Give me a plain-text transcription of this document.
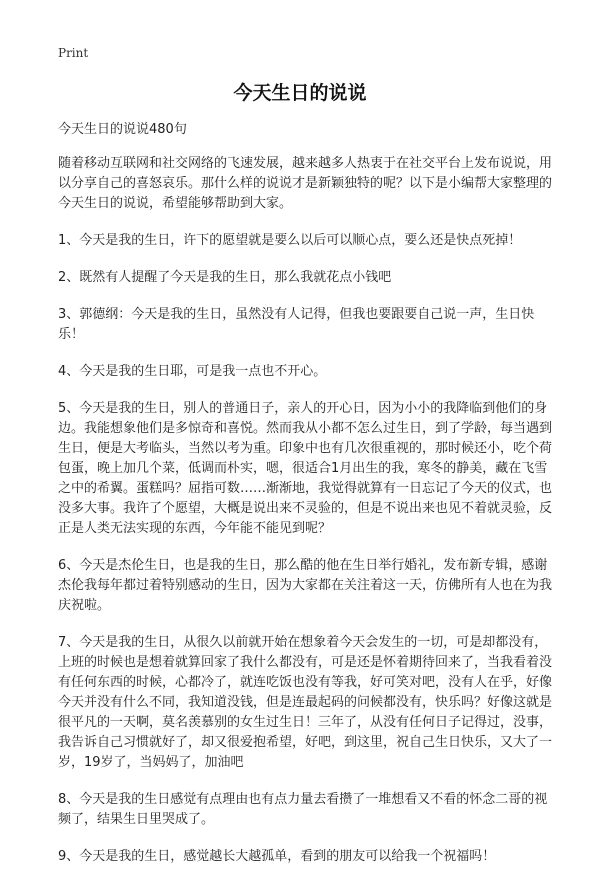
Print
今天生日的说说

今天生日的说说480句

随着移动互联网和社交网络的飞速发展，越来越多人热衷于在社交平台上发布说说，用以分享自己的喜怒哀乐。那什么样的说说才是新颖独特的呢？以下是小编帮大家整理的今天生日的说说，希望能够帮助到大家。

1、今天是我的生日，许下的愿望就是要么以后可以顺心点，要么还是快点死掉！

2、既然有人提醒了今天是我的生日，那么我就花点小钱吧

3、郭德纲：今天是我的生日，虽然没有人记得，但我也要跟要自己说一声，生日快乐！

4、今天是我的生日耶，可是我一点也不开心。

5、今天是我的生日，别人的普通日子，亲人的开心日，因为小小的我降临到他们的身边。我能想象他们是多惊奇和喜悦。然而我从小都不怎么过生日，到了学龄，每当遇到生日，便是大考临头，当然以考为重。印象中也有几次很重视的，那时候还小，吃个荷包蛋，晚上加几个菜，低调而朴实，嗯，很适合1月出生的我，寒冬的静美，藏在飞雪之中的希翼。蛋糕吗？屈指可数……渐渐地，我觉得就算有一日忘记了今天的仪式，也没多大事。我许了个愿望，大概是说出来不灵验的，但是不说出来也见不着就灵验，反正是人类无法实现的东西，今年能不能见到呢？

6、今天是杰伦生日，也是我的生日，那么酷的他在生日举行婚礼，发布新专辑，感谢杰伦我每年都过着特别感动的生日，因为大家都在关注着这一天，仿佛所有人也在为我庆祝啦。

7、今天是我的生日，从很久以前就开始在想象着今天会发生的一切，可是却都没有，上班的时候也是想着就算回家了我什么都没有，可是还是怀着期待回来了，当我看着没有任何东西的时候，心都冷了，就连吃饭也没有等我，好可笑对吧，没有人在乎，好像今天并没有什么不同，我知道没钱，但是连最起码的问候都没有，快乐吗？好像这就是很平凡的一天啊，莫名羡慕别的女生过生日！三年了，从没有任何日子记得过，没事，我告诉自己习惯就好了，却又很爱抱希望，好吧，到这里，祝自己生日快乐，又大了一岁，19岁了，当妈妈了，加油吧

8、今天是我的生日感觉有点理由也有点力量去看攒了一堆想看又不看的怀念二哥的视频了，结果生日里哭成了。

9、今天是我的生日，感觉越长大越孤单，看到的朋友可以给我一个祝福吗！
